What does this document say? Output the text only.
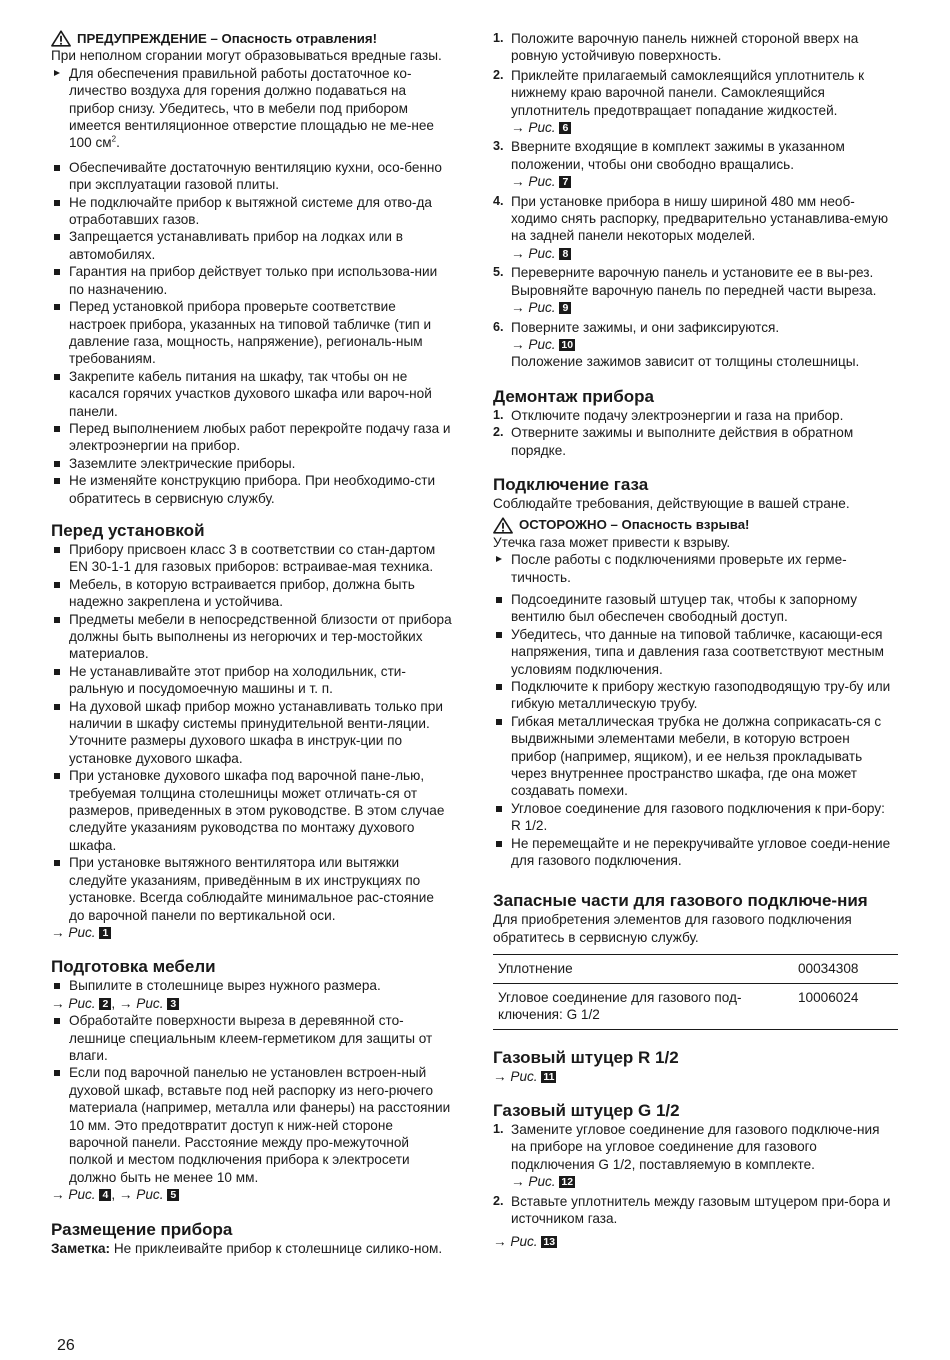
ПРЕДУПРЕЖДЕНИЕ – Опасность отравления!

При неполном сгорании могут образовываться вредные газы.

Для обеспечения правильной работы достаточное ко-личество воздуха для горения должно подаваться на прибор снизу. Убедитесь, что в мебели под прибором имеется вентиляционное отверстие площадью не ме-нее 100 $см^2$.
Обеспечивайте достаточную вентиляцию кухни, осо-бенно при эксплуатации газовой плиты.
Не подключайте прибор к вытяжной системе для отво-да отработавших газов.
Запрещается устанавливать прибор на лодках или в автомобилях.
Гарантия на прибор действует только при использова-нии по назначению.
Перед установкой прибора проверьте соответствие настроек прибора, указанных на типовой табличке (тип и давление газа, мощность, напряжение), региональ-ным требованиям.
Закрепите кабель питания на шкафу, так чтобы он не касался горячих участков духового шкафа или вароч-ной панели.
Перед выполнением любых работ перекройте подачу газа и электроэнергии на прибор.
Заземлите электрические приборы.
Не изменяйте конструкцию прибора. При необходимо-сти обратитесь в сервисную службу.
Перед установкой
Прибору присвоен класс 3 в соответствии со стан-дартом EN 30-1-1 для газовых приборов: встраивае-мая техника.
Мебель, в которую встраивается прибор, должна быть надежно закреплена и устойчива.
Предметы мебели в непосредственной близости от прибора должны быть выполнены из негорючих и тер-мостойких материалов.
Не устанавливайте этот прибор на холодильник, сти-ральную и посудомоечную машины и т. п.
На духовой шкаф прибор можно устанавливать только при наличии в шкафу системы принудительной венти-ляции. Уточните размеры духового шкафа в инструк-ции по установке духового шкафа.
При установке духового шкафа под варочной пане-лью, требуемая толщина столешницы может отличать-ся от размеров, приведенных в этом руководстве. В этом случае следуйте указаниям руководства по монтажу духового шкафа.
При установке вытяжного вентилятора или вытяжки следуйте указаниям, приведённым в их инструкциях по установке. Всегда соблюдайте минимальное рас-стояние до варочной панели по вертикальной оси.

→ Рис. 1

Подготовка мебели
Выпилите в столешнице вырез нужного размера.

→ Рис. 2 , → Рис. 3

Обработайте поверхности выреза в деревянной сто-лешнице специальным клеем-герметиком для защиты от влаги.
Если под варочной панелью не установлен встроен-ный духовой шкаф, вставьте под ней распорку из него-рючего материала (например, металла или фанеры) на расстоянии 10 мм. Это предотвратит доступ к ниж-ней стороне варочной панели. Расстояние между про-межуточной полкой и местом подключения прибора к электросети должно быть не менее 10 мм.

→ Рис. 4 , → Рис. 5

Размещение прибора

Заметка: Не приклеивайте прибор к столешнице силико-ном.

1. Положите варочную панель нижней стороной вверх на ровную устойчивую поверхность.
2. Приклейте прилагаемый самоклеящийся уплотнитель к нижнему краю варочной панели. Самоклеящийся уплотнитель предотвращает попадание жидкостей.
→ Рис. 6
3. Вверните входящие в комплект зажимы в указанном положении, чтобы они свободно вращались.
→ Рис. 7
4. При установке прибора в нишу шириной 480 мм необ-ходимо снять распорку, предварительно устанавлива-емую на задней панели некоторых моделей.
→ Рис. 8
5. Переверните варочную панель и установите ее в вы-рез. Выровняйте варочную панель по передней части выреза.
→ Рис. 9
6. Поверните зажимы, и они зафиксируются.
→ Рис. 10
Положение зажимов зависит от толщины столешницы.
Демонтаж прибора
1. Отключите подачу электроэнергии и газа на прибор.
2. Отверните зажимы и выполните действия в обратном порядке.
Подключение газа

Соблюдайте требования, действующие в вашей стране.

ОСТОРОЖНО – Опасность взрыва!

Утечка газа может привести к взрыву.

После работы с подключениями проверьте их герме-тичность.
Подсоедините газовый штуцер так, чтобы к запорному вентилю был обеспечен свободный доступ.
Убедитесь, что данные на типовой табличке, касающи-еся напряжения, типа и давления газа соответствуют местным условиям подключения.
Подключите к прибору жесткую газоподводящую тру-бу или гибкую металлическую трубу.
Гибкая металлическая трубка не должна соприкасать-ся с выдвижными элементами мебели, в которую встроен прибор (например, ящиком), и ее нельзя прокладывать через внутреннее пространство шкафа, где она может создавать помехи.
Угловое соединение для газового подключения к при-бору: R 1/2.
Не перемещайте и не перекручивайте угловое соеди-нение для газового подключения.
Запасные части для газового подключе-ния

Для приобретения элементов для газового подключения обратитесь в сервисную службу.

Уплотнение	00034308
Угловое соединение для газового под-ключения: G 1/2	10006024
Газовый штуцер R 1/2

→ Рис. 11

Газовый штуцер G 1/2
1. Замените угловое соединение для газового подключе-ния на приборе на угловое соединение для газового подключения G 1/2, поставляемую в комплекте.
→ Рис. 12
2. Вставьте уплотнитель между газовым штуцером при-бора и источником газа.

→ Рис. 13

26
